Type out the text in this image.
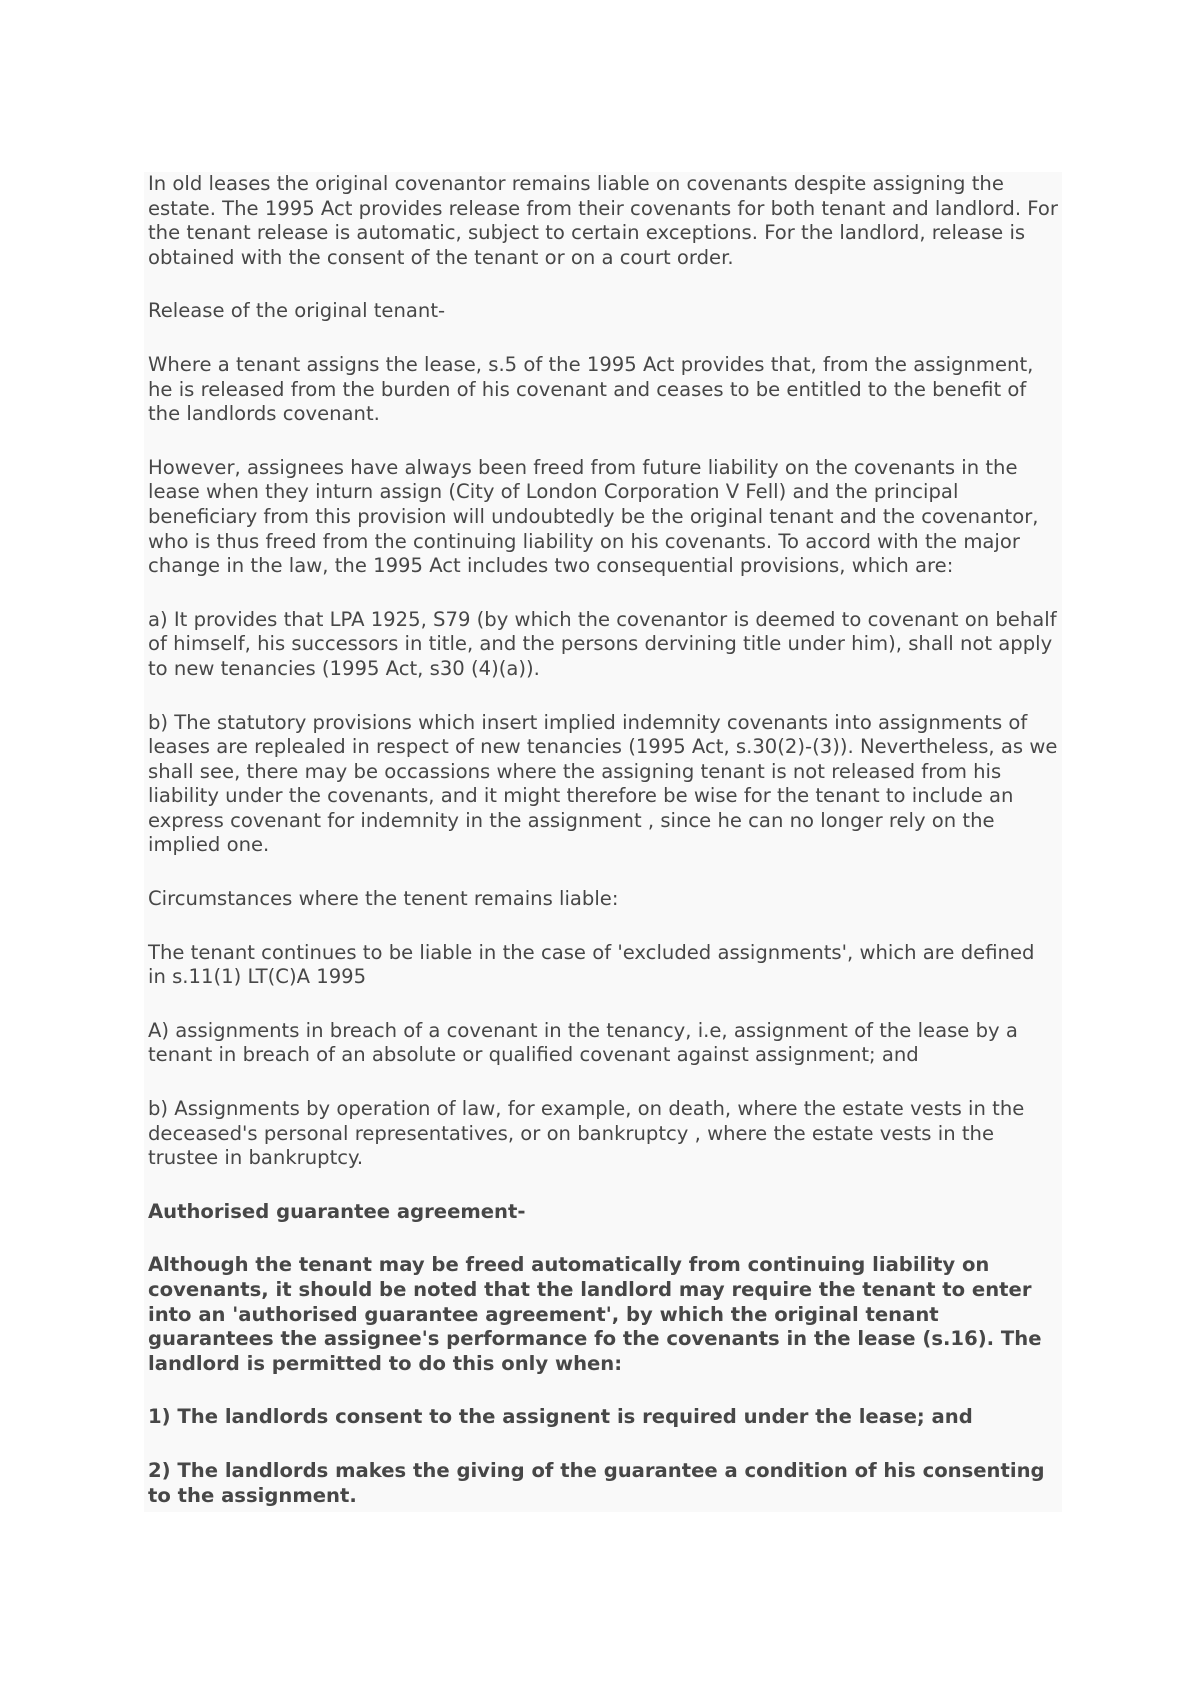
In old leases the original covenantor remains liable on covenants despite assigning the estate. The 1995 Act provides release from their covenants for both tenant and landlord. For the tenant release is automatic, subject to certain exceptions. For the landlord, release is obtained with the consent of the tenant or on a court order.

Release of the original tenant-

Where a tenant assigns the lease, s.5 of the 1995 Act provides that, from the assignment, he is released from the burden of his covenant and ceases to be entitled to the benefit of the landlords covenant.

However, assignees have always been freed from future liability on the covenants in the lease when they inturn assign (City of London Corporation V Fell) and the principal beneficiary from this provision will undoubtedly be the original tenant and the covenantor, who is thus freed from the continuing liability on his covenants. To accord with the major change in the law, the 1995 Act includes two consequential provisions, which are:

a) It provides that LPA 1925, S79 (by which the covenantor is deemed to covenant on behalf of himself, his successors in title, and the persons dervining title under him), shall not apply to new tenancies (1995 Act, s30 (4)(a)).

b) The statutory provisions which insert implied indemnity covenants into assignments of leases are replealed in respect of new tenancies (1995 Act, s.30(2)-(3)). Nevertheless, as we shall see, there may be occassions where the assigning tenant is not released from his liability under the covenants, and it might therefore be wise for the tenant to include an express covenant for indemnity in the assignment , since he can no longer rely on the implied one.

Circumstances where the tenent remains liable:

The tenant continues to be liable in the case of 'excluded assignments', which are defined in s.11(1) LT(C)A 1995

A) assignments in breach of a covenant in the tenancy, i.e, assignment of the lease by a tenant in breach of an absolute or qualified covenant against assignment; and

b) Assignments by operation of law, for example, on death, where the estate vests in the deceased's personal representatives, or on bankruptcy , where the estate vests in the trustee in bankruptcy.

Authorised guarantee agreement-

Although the tenant may be freed automatically from continuing liability on covenants, it should be noted that the landlord may require the tenant to enter into an 'authorised guarantee agreement', by which the original tenant guarantees the assignee's performance fo the covenants in the lease (s.16). The landlord is permitted to do this only when:

1) The landlords consent to the assignent is required under the lease; and

2) The landlords makes the giving of the guarantee a condition of his consenting to the assignment.
